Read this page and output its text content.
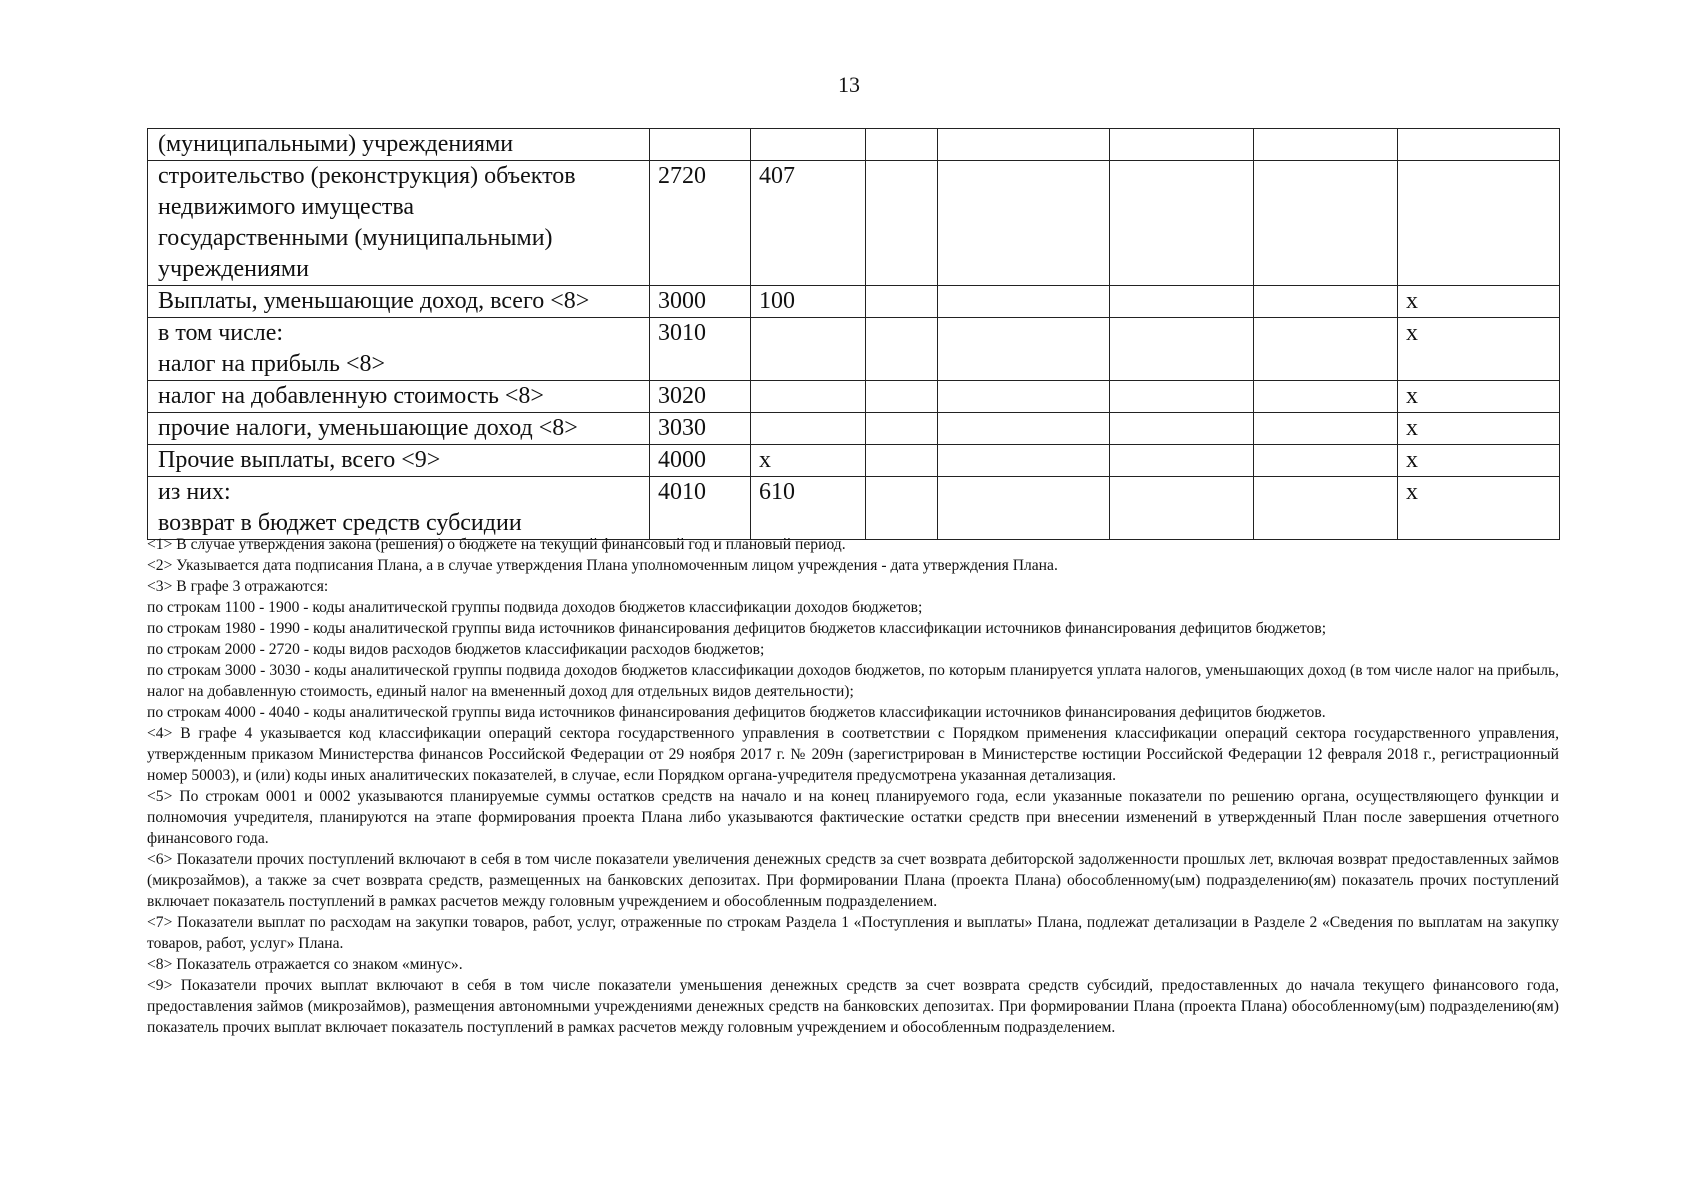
13
(муниципальными) учреждениями							
строительство (реконструкция) объектов
недвижимого имущества
государственными (муниципальными)
учреждениями	2720	407					
Выплаты, уменьшающие доход, всего <8>	3000	100					х
в том числе:
налог на прибыль <8>	3010						х
налог на добавленную стоимость <8>	3020						х
прочие налоги, уменьшающие доход <8>	3030						х
Прочие выплаты, всего <9>	4000	х					х
из них:
возврат в бюджет средств субсидии	4010	610					х

<1> В случае утверждения закона (решения) о бюджете на текущий финансовый год и плановый период.

<2> Указывается дата подписания Плана, а в случае утверждения Плана уполномоченным лицом учреждения - дата утверждения Плана.

<3> В графе 3 отражаются:

по строкам 1100 - 1900 - коды аналитической группы подвида доходов бюджетов классификации доходов бюджетов;

по строкам 1980 - 1990 - коды аналитической группы вида источников финансирования дефицитов бюджетов классификации источников финансирования дефицитов бюджетов;

по строкам 2000 - 2720 - коды видов расходов бюджетов классификации расходов бюджетов;

по строкам 3000 - 3030 - коды аналитической группы подвида доходов бюджетов классификации доходов бюджетов, по которым планируется уплата налогов, уменьшающих доход (в том числе налог на прибыль, налог на добавленную стоимость, единый налог на вмененный доход для отдельных видов деятельности);

по строкам 4000 - 4040 - коды аналитической группы вида источников финансирования дефицитов бюджетов классификации источников финансирования дефицитов бюджетов.

<4> В графе 4 указывается код классификации операций сектора государственного управления в соответствии с Порядком применения классификации операций сектора государственного управления, утвержденным приказом Министерства финансов Российской Федерации от 29 ноября 2017 г. № 209н (зарегистрирован в Министерстве юстиции Российской Федерации 12 февраля 2018 г., регистрационный номер 50003), и (или) коды иных аналитических показателей, в случае, если Порядком органа-учредителя предусмотрена указанная детализация.

<5> По строкам 0001 и 0002 указываются планируемые суммы остатков средств на начало и на конец планируемого года, если указанные показатели по решению органа, осуществляющего функции и полномочия учредителя, планируются на этапе формирования проекта Плана либо указываются фактические остатки средств при внесении изменений в утвержденный План после завершения отчетного финансового года.

<6> Показатели прочих поступлений включают в себя в том числе показатели увеличения денежных средств за счет возврата дебиторской задолженности прошлых лет, включая возврат предоставленных займов (микрозаймов), а также за счет возврата средств, размещенных на банковских депозитах. При формировании Плана (проекта Плана) обособленному(ым) подразделению(ям) показатель прочих поступлений включает показатель поступлений в рамках расчетов между головным учреждением и обособленным подразделением.

<7> Показатели выплат по расходам на закупки товаров, работ, услуг, отраженные по строкам Раздела 1 «Поступления и выплаты» Плана, подлежат детализации в Разделе 2 «Сведения по выплатам на закупку товаров, работ, услуг» Плана.

<8> Показатель отражается со знаком «минус».

<9> Показатели прочих выплат включают в себя в том числе показатели уменьшения денежных средств за счет возврата средств субсидий, предоставленных до начала текущего финансового года, предоставления займов (микрозаймов), размещения автономными учреждениями денежных средств на банковских депозитах. При формировании Плана (проекта Плана) обособленному(ым) подразделению(ям) показатель прочих выплат включает показатель поступлений в рамках расчетов между головным учреждением и обособленным подразделением.
